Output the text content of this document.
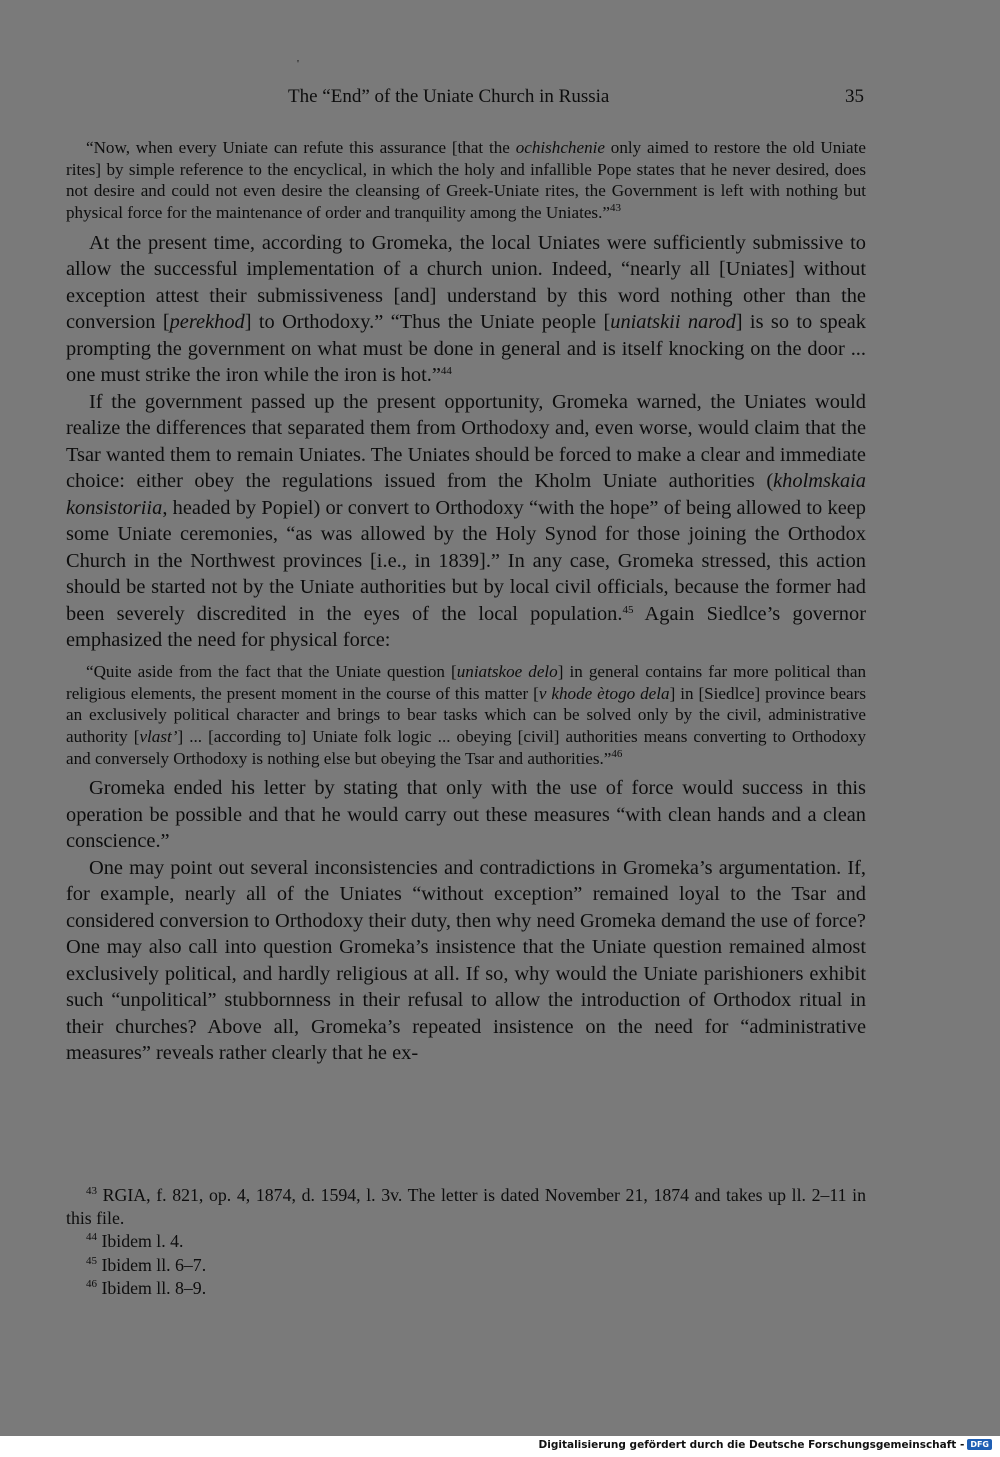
'
The “End” of the Uniate Church in Russia	35

“Now, when every Uniate can refute this assurance [that the ochishchenie only aimed to restore the old Uniate rites] by simple reference to the encyclical, in which the holy and infallible Pope states that he never desired, does not desire and could not even desire the cleansing of Greek-Uniate rites, the Government is left with nothing but physical force for the maintenance of order and tranquility among the Uniates.”$^{43}$

At the present time, according to Gromeka, the local Uniates were sufficiently submissive to allow the successful implementation of a church union. Indeed, “nearly all [Uniates] without exception attest their submissiveness [and] understand by this word nothing other than the conversion [perekhod] to Orthodoxy.” “Thus the Uniate people [uniatskii narod] is so to speak prompting the government on what must be done in general and is itself knocking on the door ... one must strike the iron while the iron is hot.”$^{44}$

If the government passed up the present opportunity, Gromeka warned, the Uniates would realize the differences that separated them from Orthodoxy and, even worse, would claim that the Tsar wanted them to remain Uniates. The Uniates should be forced to make a clear and immediate choice: either obey the regulations issued from the Kholm Uniate authorities (kholmskaia konsistoriia, headed by Popiel) or convert to Orthodoxy “with the hope” of being allowed to keep some Uniate ceremonies, “as was allowed by the Holy Synod for those joining the Orthodox Church in the Northwest provinces [i.e., in 1839].” In any case, Gromeka stressed, this action should be started not by the Uniate authorities but by local civil officials, because the former had been severely discredited in the eyes of the local population.$^{45}$ Again Siedlce’s governor emphasized the need for physical force:

“Quite aside from the fact that the Uniate question [uniatskoe delo] in general contains far more political than religious elements, the present moment in the course of this matter [v khode ètogo dela] in [Siedlce] province bears an exclusively political character and brings to bear tasks which can be solved only by the civil, administrative authority [vlast’] ... [according to] Uniate folk logic ... obeying [civil] authorities means converting to Orthodoxy and conversely Orthodoxy is nothing else but obeying the Tsar and authorities.”$^{46}$

Gromeka ended his letter by stating that only with the use of force would success in this operation be possible and that he would carry out these measures “with clean hands and a clean conscience.”

One may point out several inconsistencies and contradictions in Gromeka’s argumentation. If, for example, nearly all of the Uniates “without exception” remained loyal to the Tsar and considered conversion to Orthodoxy their duty, then why need Gromeka demand the use of force? One may also call into question Gromeka’s insistence that the Uniate question remained almost exclusively political, and hardly religious at all. If so, why would the Uniate parishioners exhibit such “unpolitical” stubbornness in their refusal to allow the introduction of Orthodox ritual in their churches? Above all, Gromeka’s repeated insistence on the need for “administrative measures” reveals rather clearly that he ex-

$^{43}$ RGIA, f. 821, op. 4, 1874, d. 1594, l. 3v. The letter is dated November 21, 1874 and takes up ll. 2–11 in this file.

$^{44}$ Ibidem l. 4.

$^{45}$ Ibidem ll. 6–7.

$^{46}$ Ibidem ll. 8–9.

Digitalisierung gefördert durch die Deutsche Forschungsgemeinschaft - DFG
